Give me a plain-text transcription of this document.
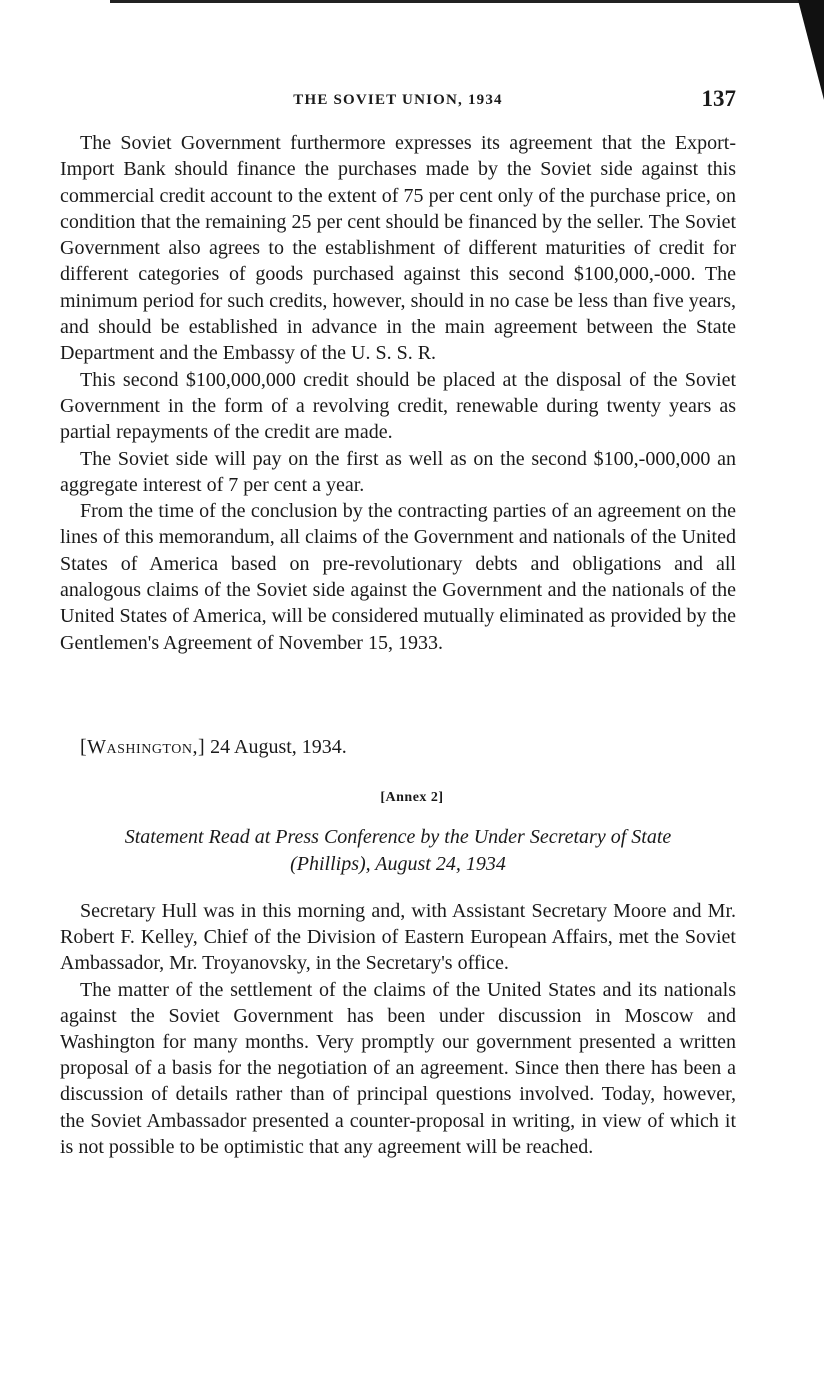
THE SOVIET UNION, 1934	137

The Soviet Government furthermore expresses its agreement that the Export-Import Bank should finance the purchases made by the Soviet side against this commercial credit account to the extent of 75 per cent only of the purchase price, on condition that the remaining 25 per cent should be financed by the seller. The Soviet Government also agrees to the establishment of different maturities of credit for different categories of goods purchased against this second $100,000,-000. The minimum period for such credits, however, should in no case be less than five years, and should be established in advance in the main agreement between the State Department and the Embassy of the U. S. S. R.

This second $100,000,000 credit should be placed at the disposal of the Soviet Government in the form of a revolving credit, renewable during twenty years as partial repayments of the credit are made.

The Soviet side will pay on the first as well as on the second $100,-000,000 an aggregate interest of 7 per cent a year.

From the time of the conclusion by the contracting parties of an agreement on the lines of this memorandum, all claims of the Government and nationals of the United States of America based on pre-revolutionary debts and obligations and all analogous claims of the Soviet side against the Government and the nationals of the United States of America, will be considered mutually eliminated as provided by the Gentlemen's Agreement of November 15, 1933.

[Washington,] 24 August, 1934.
[Annex 2]
Statement Read at Press Conference by the Under Secretary of State
(Phillips), August 24, 1934

Secretary Hull was in this morning and, with Assistant Secretary Moore and Mr. Robert F. Kelley, Chief of the Division of Eastern European Affairs, met the Soviet Ambassador, Mr. Troyanovsky, in the Secretary's office.

The matter of the settlement of the claims of the United States and its nationals against the Soviet Government has been under discussion in Moscow and Washington for many months. Very promptly our government presented a written proposal of a basis for the negotiation of an agreement. Since then there has been a discussion of details rather than of principal questions involved. Today, however, the Soviet Ambassador presented a counter-proposal in writing, in view of which it is not possible to be optimistic that any agreement will be reached.
